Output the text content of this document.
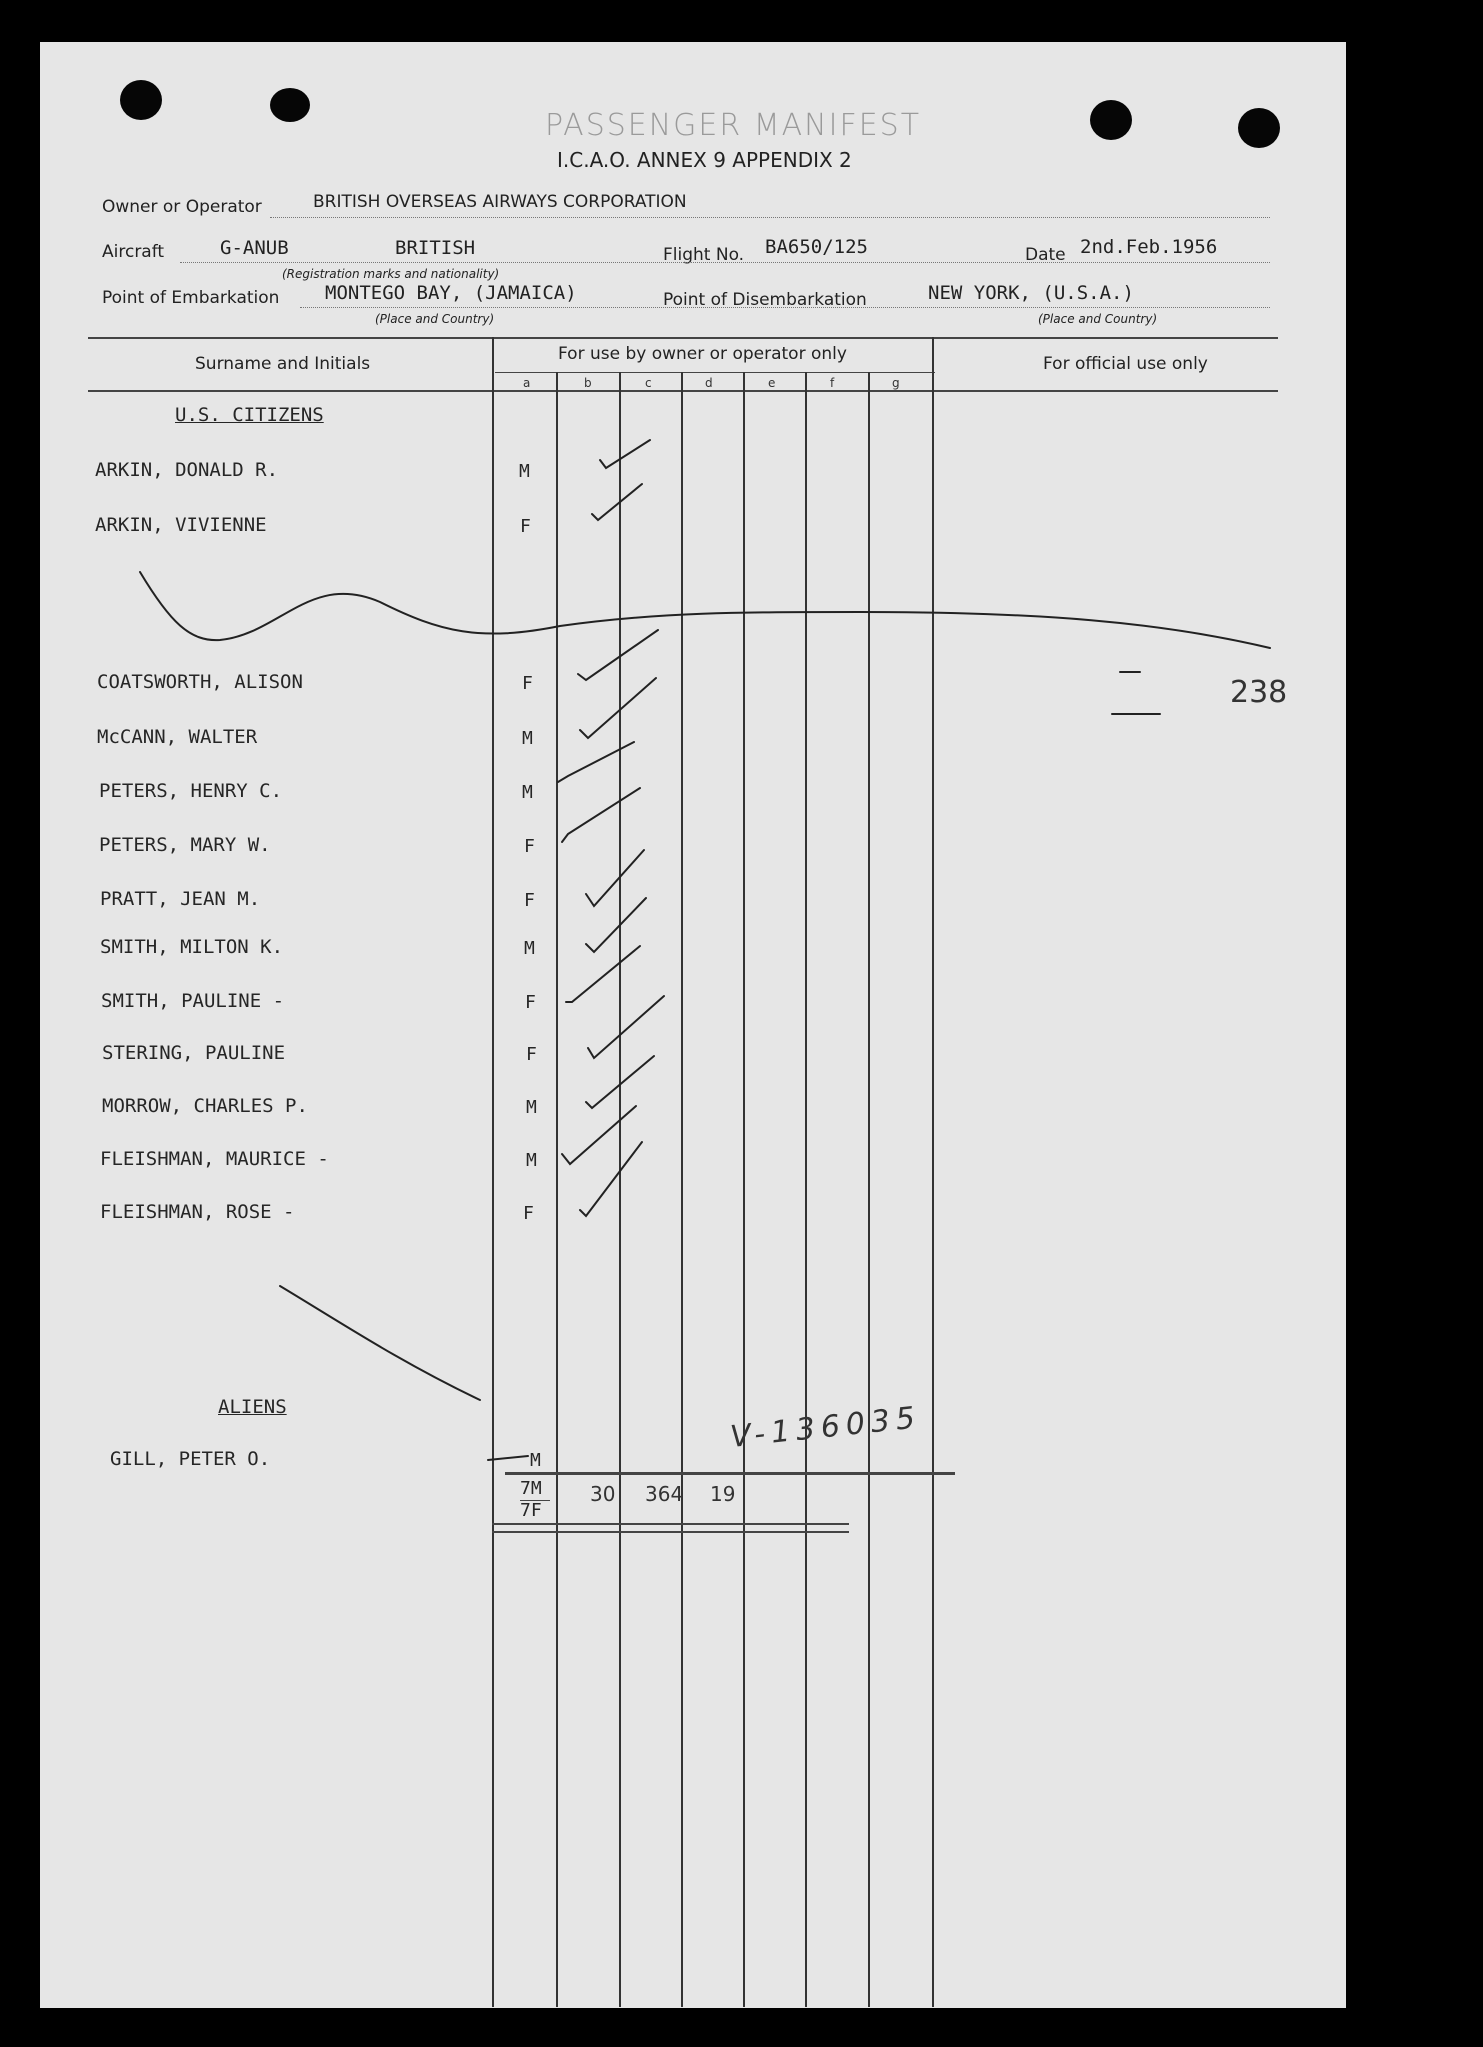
PASSENGER MANIFEST
I.C.A.O. ANNEX 9 APPENDIX 2
Owner or Operator	BRITISH OVERSEAS AIRWAYS CORPORATION
Aircraft	G-ANUB	BRITISH
(Registration marks and nationality)
Flight No. BA650/125	Date 2nd.Feb.1956
Point of Embarkation MONTEGO BAY, (JAMAICA)
(Place and Country)
Point of Disembarkation	NEW YORK, (U.S.A.)
(Place and Country)
Surname and Initials	For use by owner or operator only	For official use only
a	b	c	d	e	f	g
U.S. CITIZENS
ARKIN, DONALD R.	M
ARKIN, VIVIENNE	F
COATSWORTH, ALISON	F
McCANN, WALTER	M
PETERS, HENRY C.	M
PETERS, MARY W.	F
PRATT, JEAN M.	F
SMITH, MILTON K.	M
SMITH, PAULINE -	F
STERING, PAULINE	F
MORROW, CHARLES P.	M
FLEISHMAN, MAURICE -	M
FLEISHMAN, ROSE -	F
ALIENS
GILL, PETER O.	M
7M
7F
30 364 19
238
V-136035
